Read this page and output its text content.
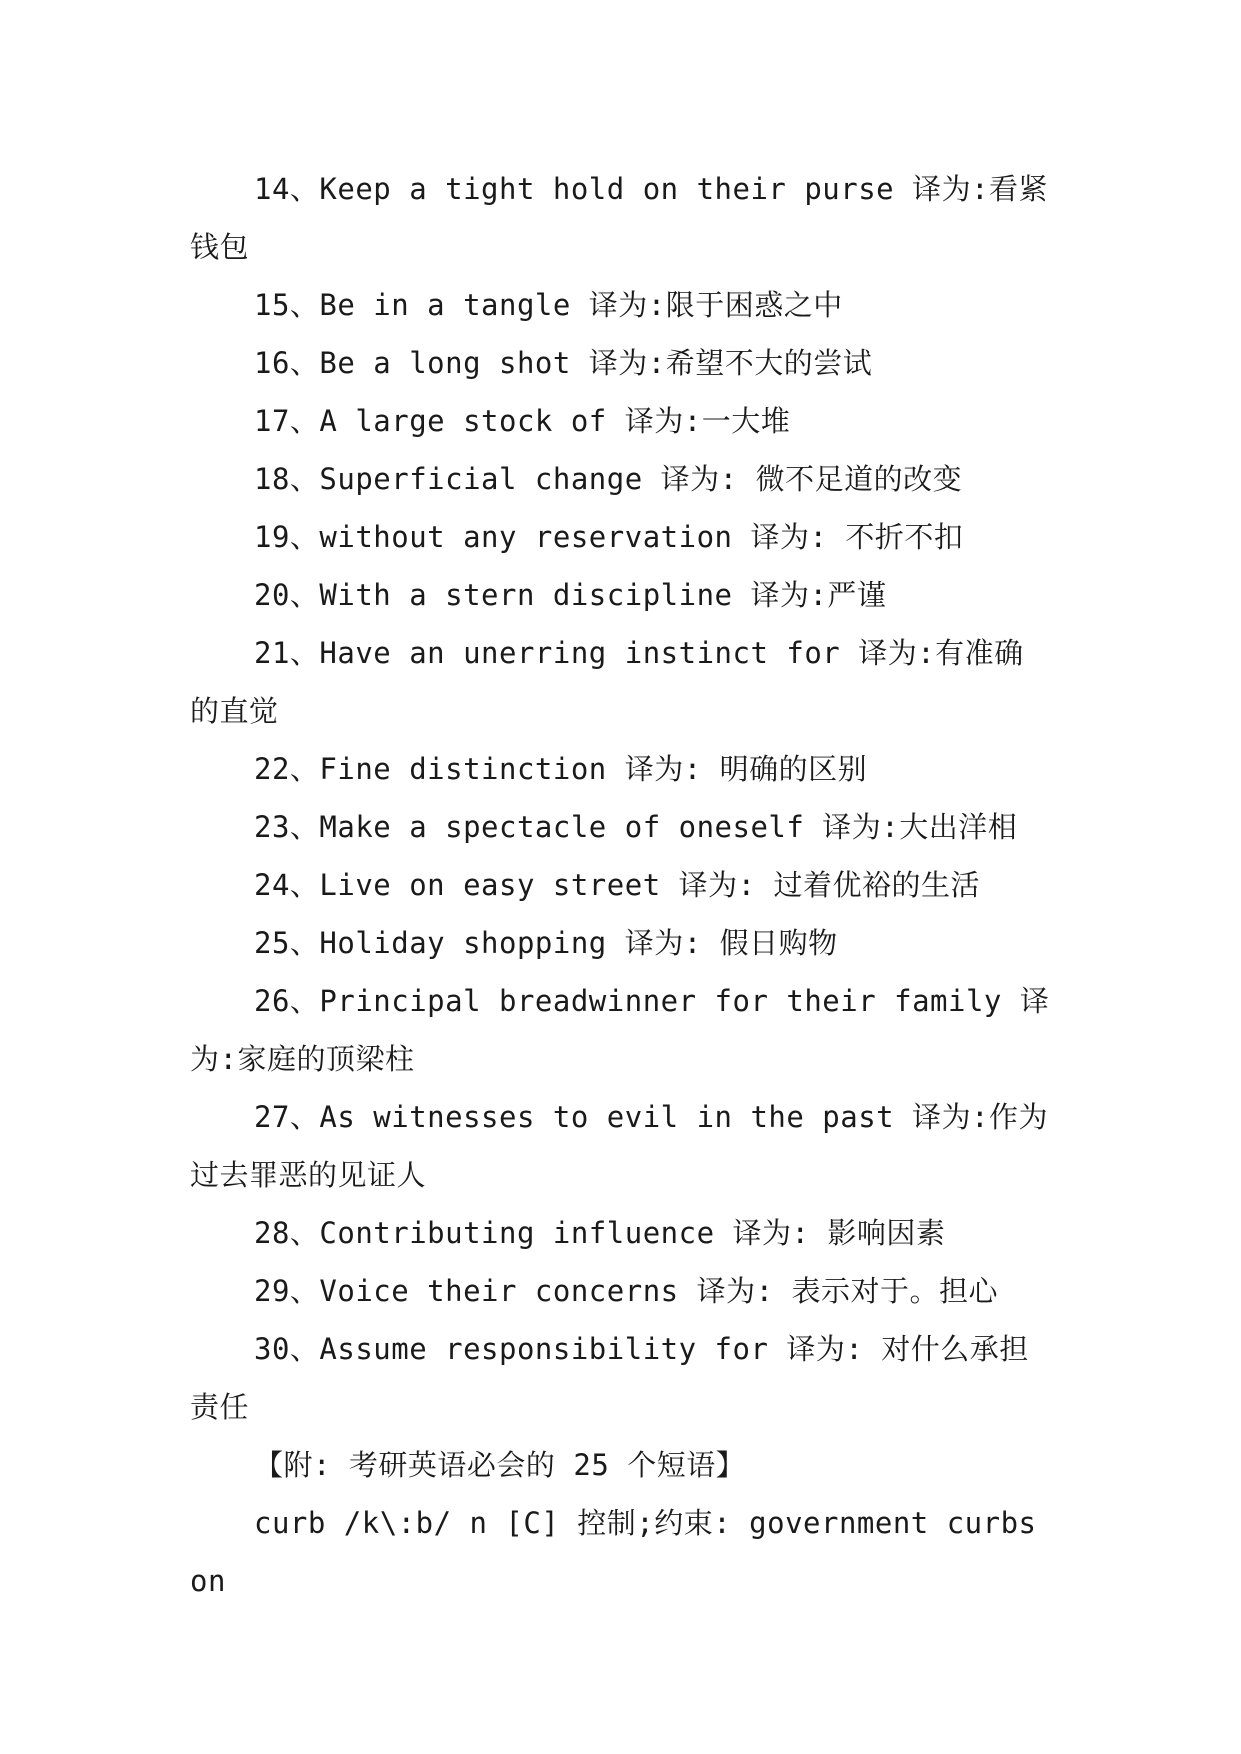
14、Keep a tight hold on their purse 译为:看紧钱包

15、Be in a tangle 译为:限于困惑之中

16、Be a long shot 译为:希望不大的尝试

17、A large stock of 译为:一大堆

18、Superficial change 译为: 微不足道的改变

19、without any reservation 译为: 不折不扣

20、With a stern discipline 译为:严谨

21、Have an unerring instinct for 译为:有准确的直觉

22、Fine distinction 译为: 明确的区别

23、Make a spectacle of oneself 译为:大出洋相

24、Live on easy street 译为: 过着优裕的生活

25、Holiday shopping 译为: 假日购物

26、Principal breadwinner for their family 译为:家庭的顶梁柱

27、As witnesses to evil in the past 译为:作为过去罪恶的见证人

28、Contributing influence 译为: 影响因素

29、Voice their concerns 译为: 表示对于。担心

30、Assume responsibility for 译为: 对什么承担责任

【附: 考研英语必会的 25 个短语】

curb /k\:b/ n [C] 控制;约束: government curbs on
